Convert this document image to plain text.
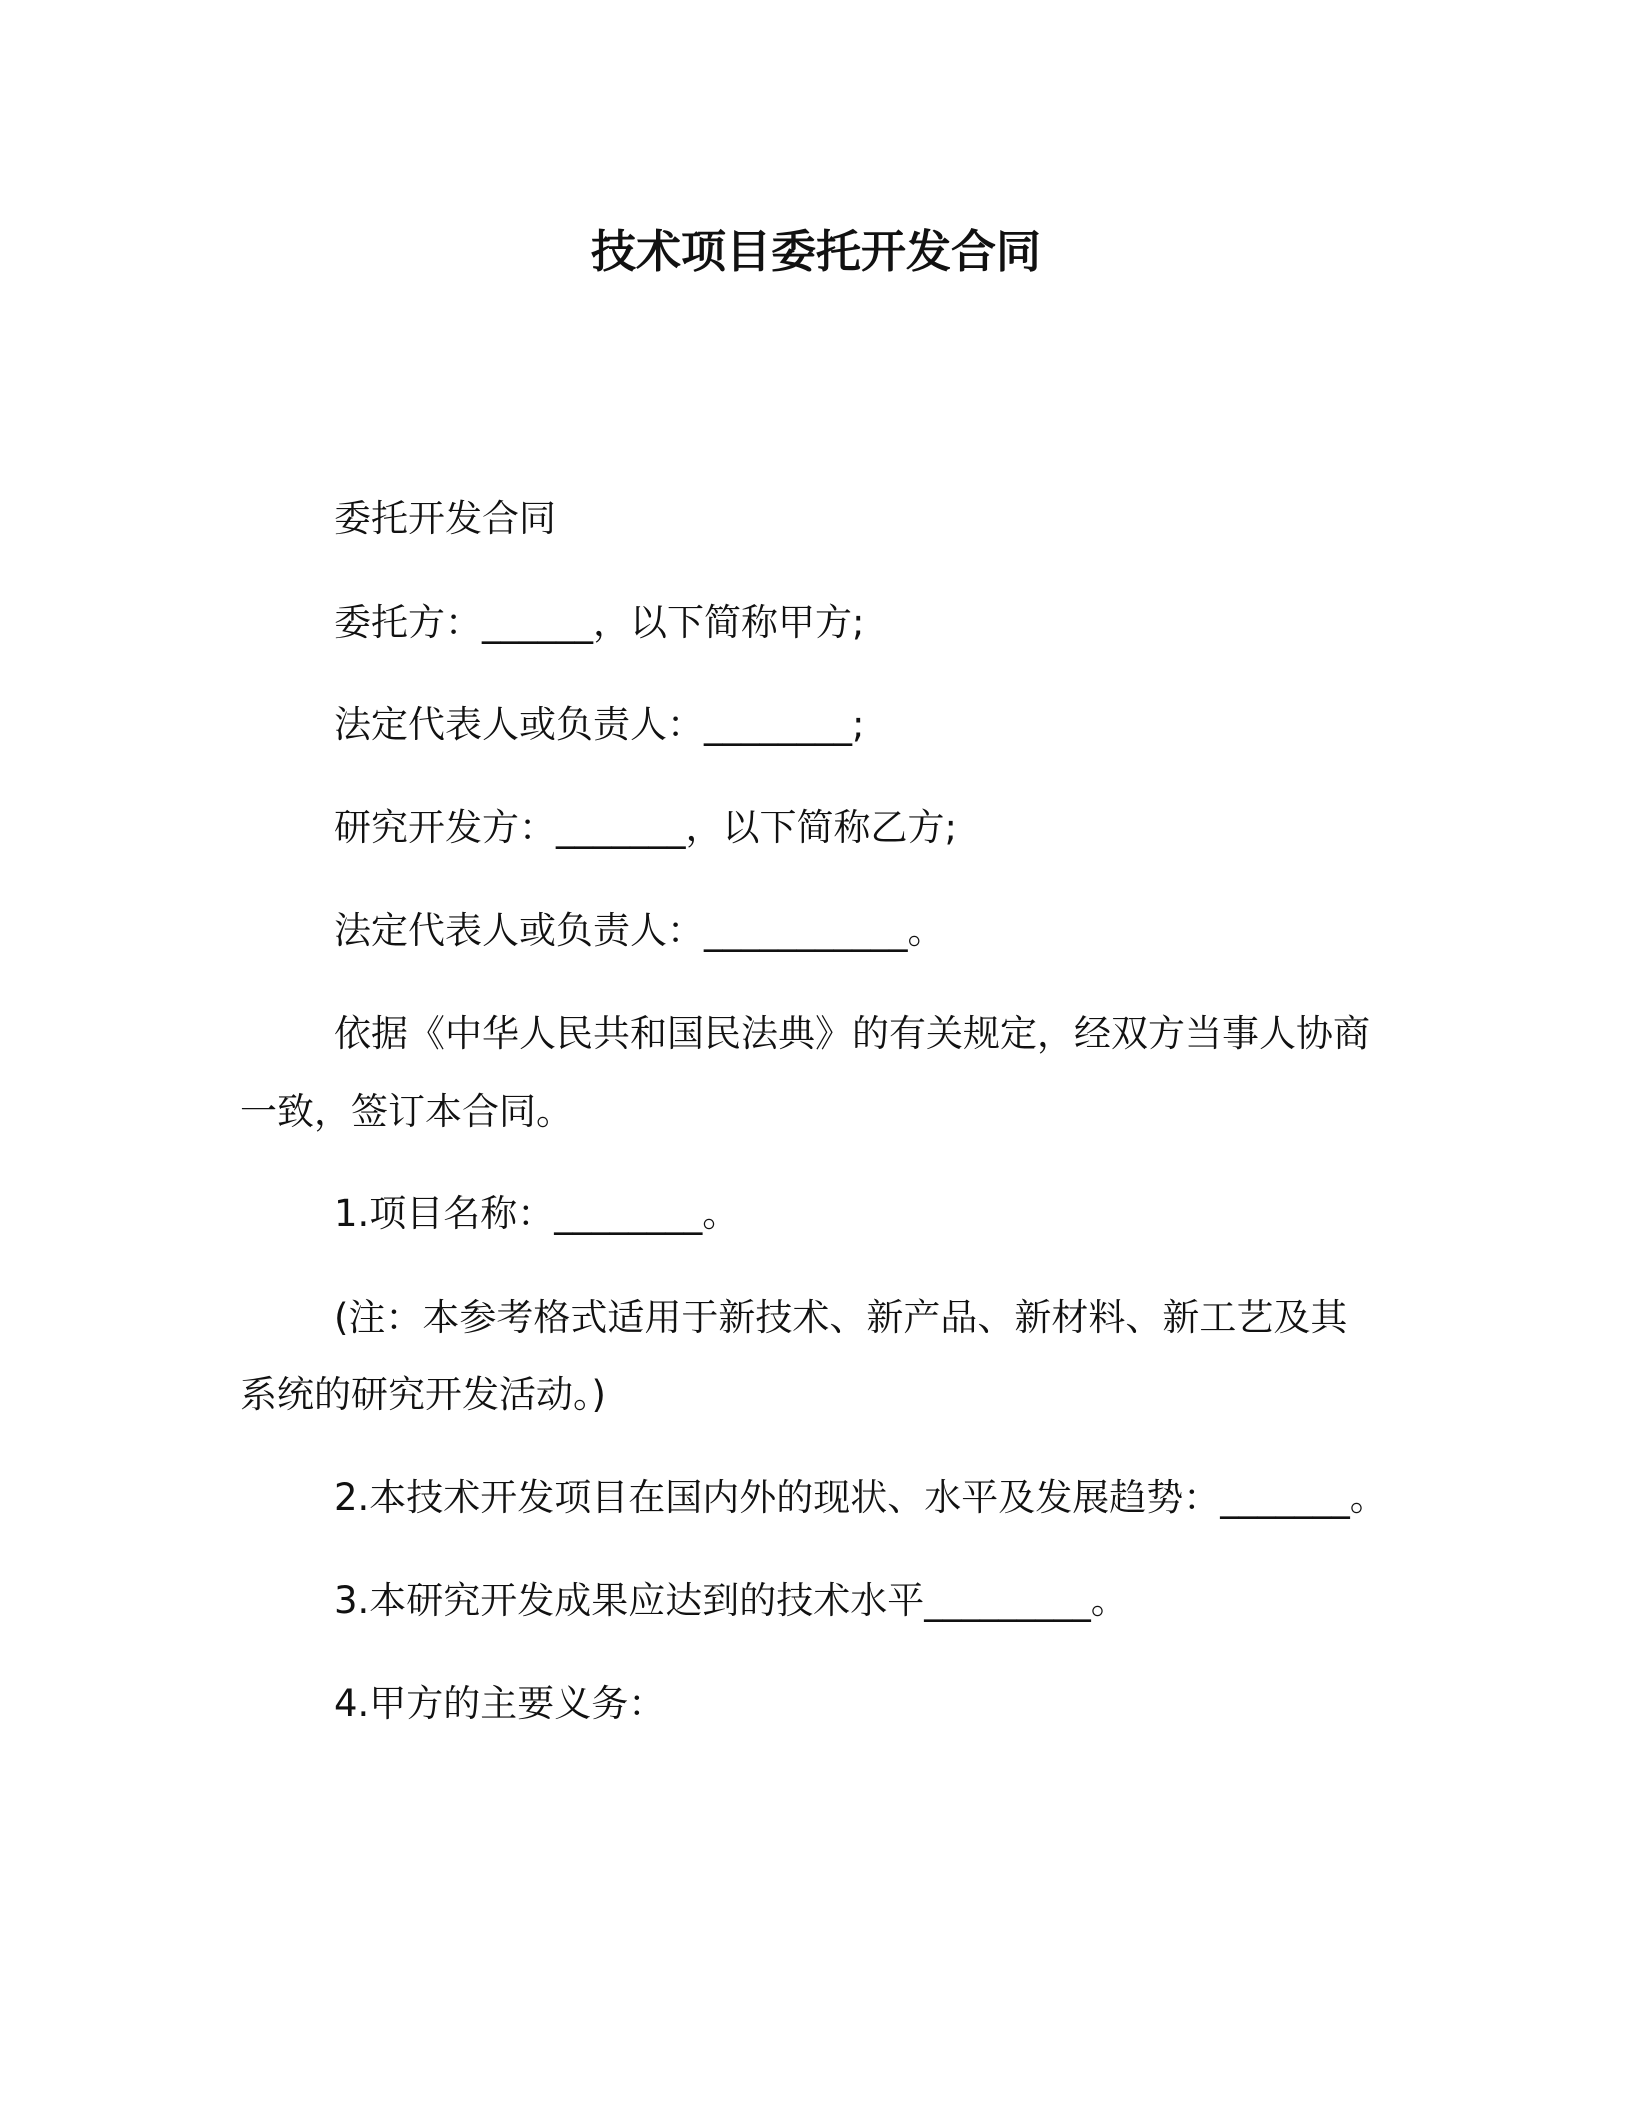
技术项目委托开发合同
委托开发合同
委托方：______，以下简称甲方;
法定代表人或负责人：________;
研究开发方：_______，以下简称乙方;
法定代表人或负责人：___________。
依据《中华人民共和国民法典》的有关规定，经双方当事人协商
一致，签订本合同。
1.项目名称：________。
(注：本参考格式适用于新技术、新产品、新材料、新工艺及其
系统的研究开发活动。)
2.本技术开发项目在国内外的现状、水平及发展趋势：_______。
3.本研究开发成果应达到的技术水平_________。
4.甲方的主要义务：
